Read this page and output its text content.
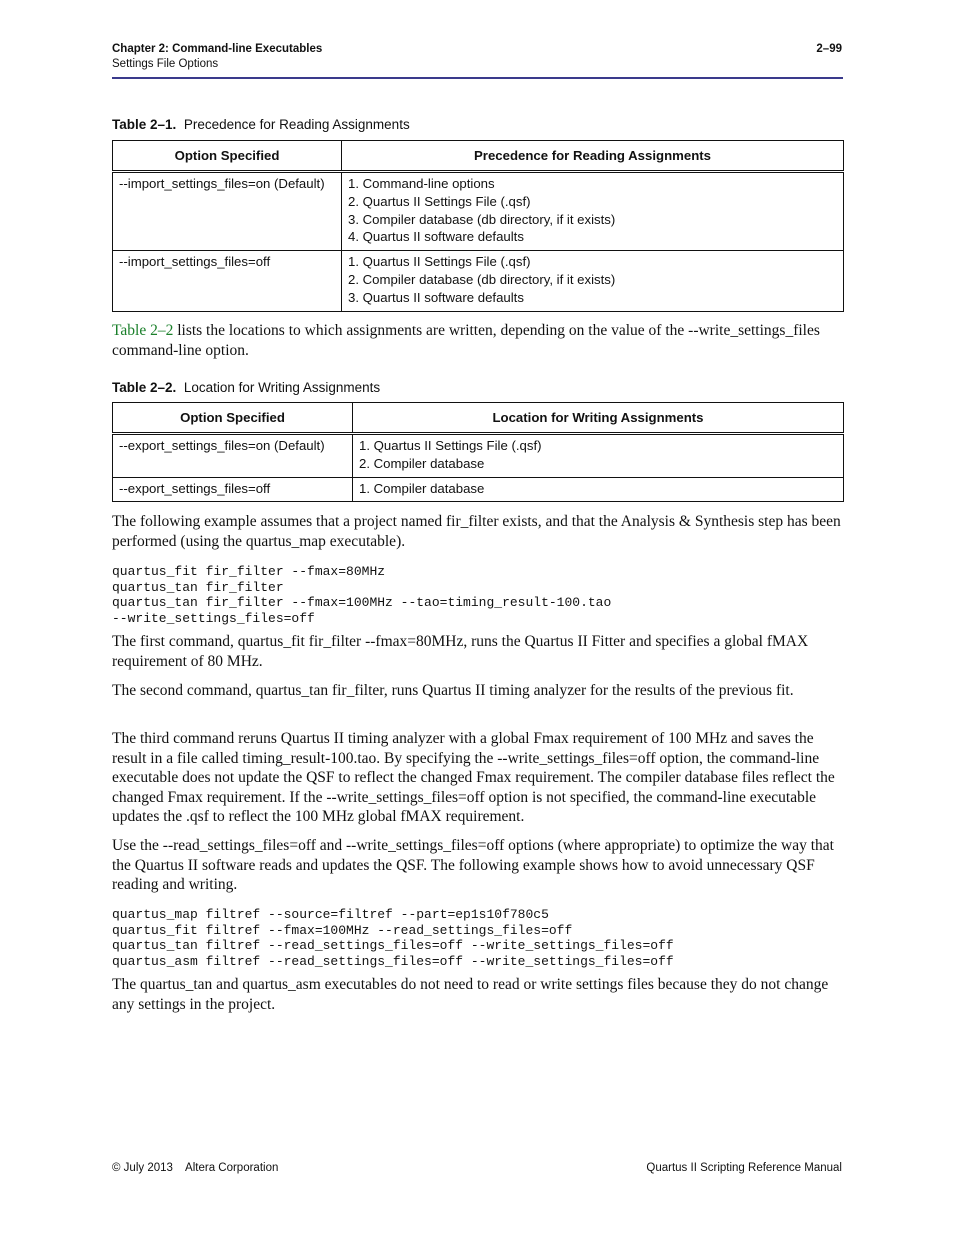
Chapter 2: Command-line Executables
Settings File Options
2–99
Table 2–1. Precedence for Reading Assignments
Option Specified	Precedence for Reading Assignments
--import_settings_files=on (Default)	1. Command-line options
2. Quartus II Settings File (.qsf)
3. Compiler database (db directory, if it exists)
4. Quartus II software defaults

--import_settings_files=off	1. Quartus II Settings File (.qsf)
2. Compiler database (db directory, if it exists)
3. Quartus II software defaults
Table 2–2 lists the locations to which assignments are written, depending on the value of the --write_settings_files command-line option.
Table 2–2. Location for Writing Assignments
Option Specified	Location for Writing Assignments
--export_settings_files=on (Default)	1. Quartus II Settings File (.qsf)
2. Compiler database

--export_settings_files=off	1. Compiler database
The following example assumes that a project named fir_filter exists, and that the Analysis & Synthesis step has been performed (using the quartus_map executable).
quartus_fit fir_filter --fmax=80MHz
quartus_tan fir_filter
quartus_tan fir_filter --fmax=100MHz --tao=timing_result-100.tao
--write_settings_files=off
The first command, quartus_fit fir_filter --fmax=80MHz, runs the Quartus II Fitter and specifies a global fMAX requirement of 80 MHz.
The second command, quartus_tan fir_filter, runs Quartus II timing analyzer for the results of the previous fit.
The third command reruns Quartus II timing analyzer with a global Fmax requirement of 100 MHz and saves the result in a file called timing_result-100.tao. By specifying the --write_settings_files=off option, the command-line executable does not update the QSF to reflect the changed Fmax requirement. The compiler database files reflect the changed Fmax requirement. If the --write_settings_files=off option is not specified, the command-line executable updates the .qsf to reflect the 100 MHz global fMAX requirement.
Use the --read_settings_files=off and --write_settings_files=off options (where appropriate) to optimize the way that the Quartus II software reads and updates the QSF. The following example shows how to avoid unnecessary QSF reading and writing.
quartus_map filtref --source=filtref --part=ep1s10f780c5
quartus_fit filtref --fmax=100MHz --read_settings_files=off
quartus_tan filtref --read_settings_files=off --write_settings_files=off
quartus_asm filtref --read_settings_files=off --write_settings_files=off
The quartus_tan and quartus_asm executables do not need to read or write settings files because they do not change any settings in the project.
© July 2013    Altera Corporation	Quartus II Scripting Reference Manual
